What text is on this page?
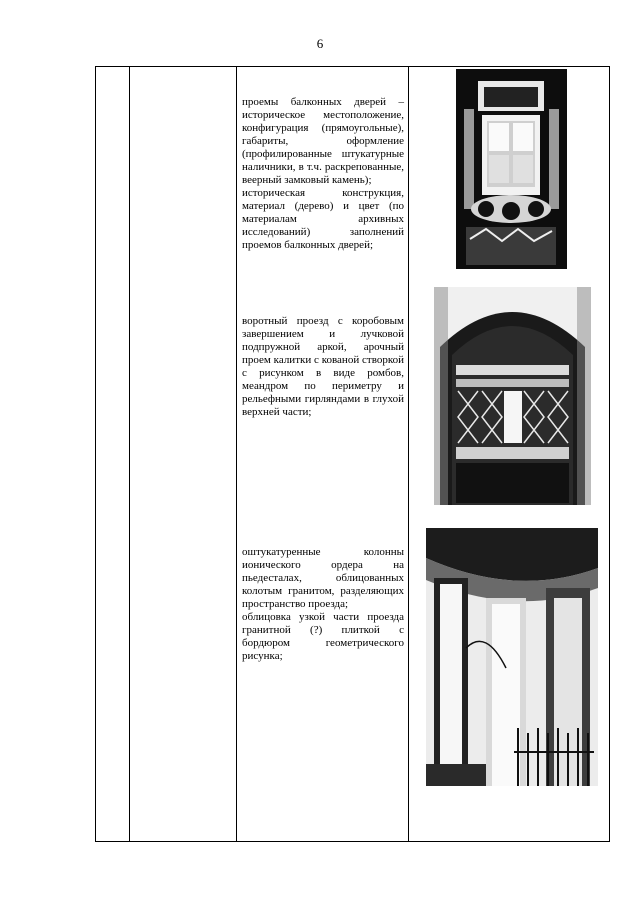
6

проемы балконных дверей – историческое местоположение, конфигурация (прямоугольные), габариты, оформление (профилированные штукатурные наличники, в т.ч. раскрепованные, веерный замковый камень);

историческая конструкция, материал (дерево) и цвет (по материалам архивных исследований) заполнений проемов балконных дверей;

воротный проезд с коробовым завершением и лучковой подпружной аркой, арочный проем калитки с кованой створкой с рисунком в виде ромбов, меандром по периметру и рельефными гирляндами в глухой верхней части;

оштукатуренные колонны ионического ордера на пьедесталах, облицованных колотым гранитом, разделяющих пространство проезда;

облицовка узкой части проезда гранитной (?) плиткой с бордюром геометрического рисунка;
